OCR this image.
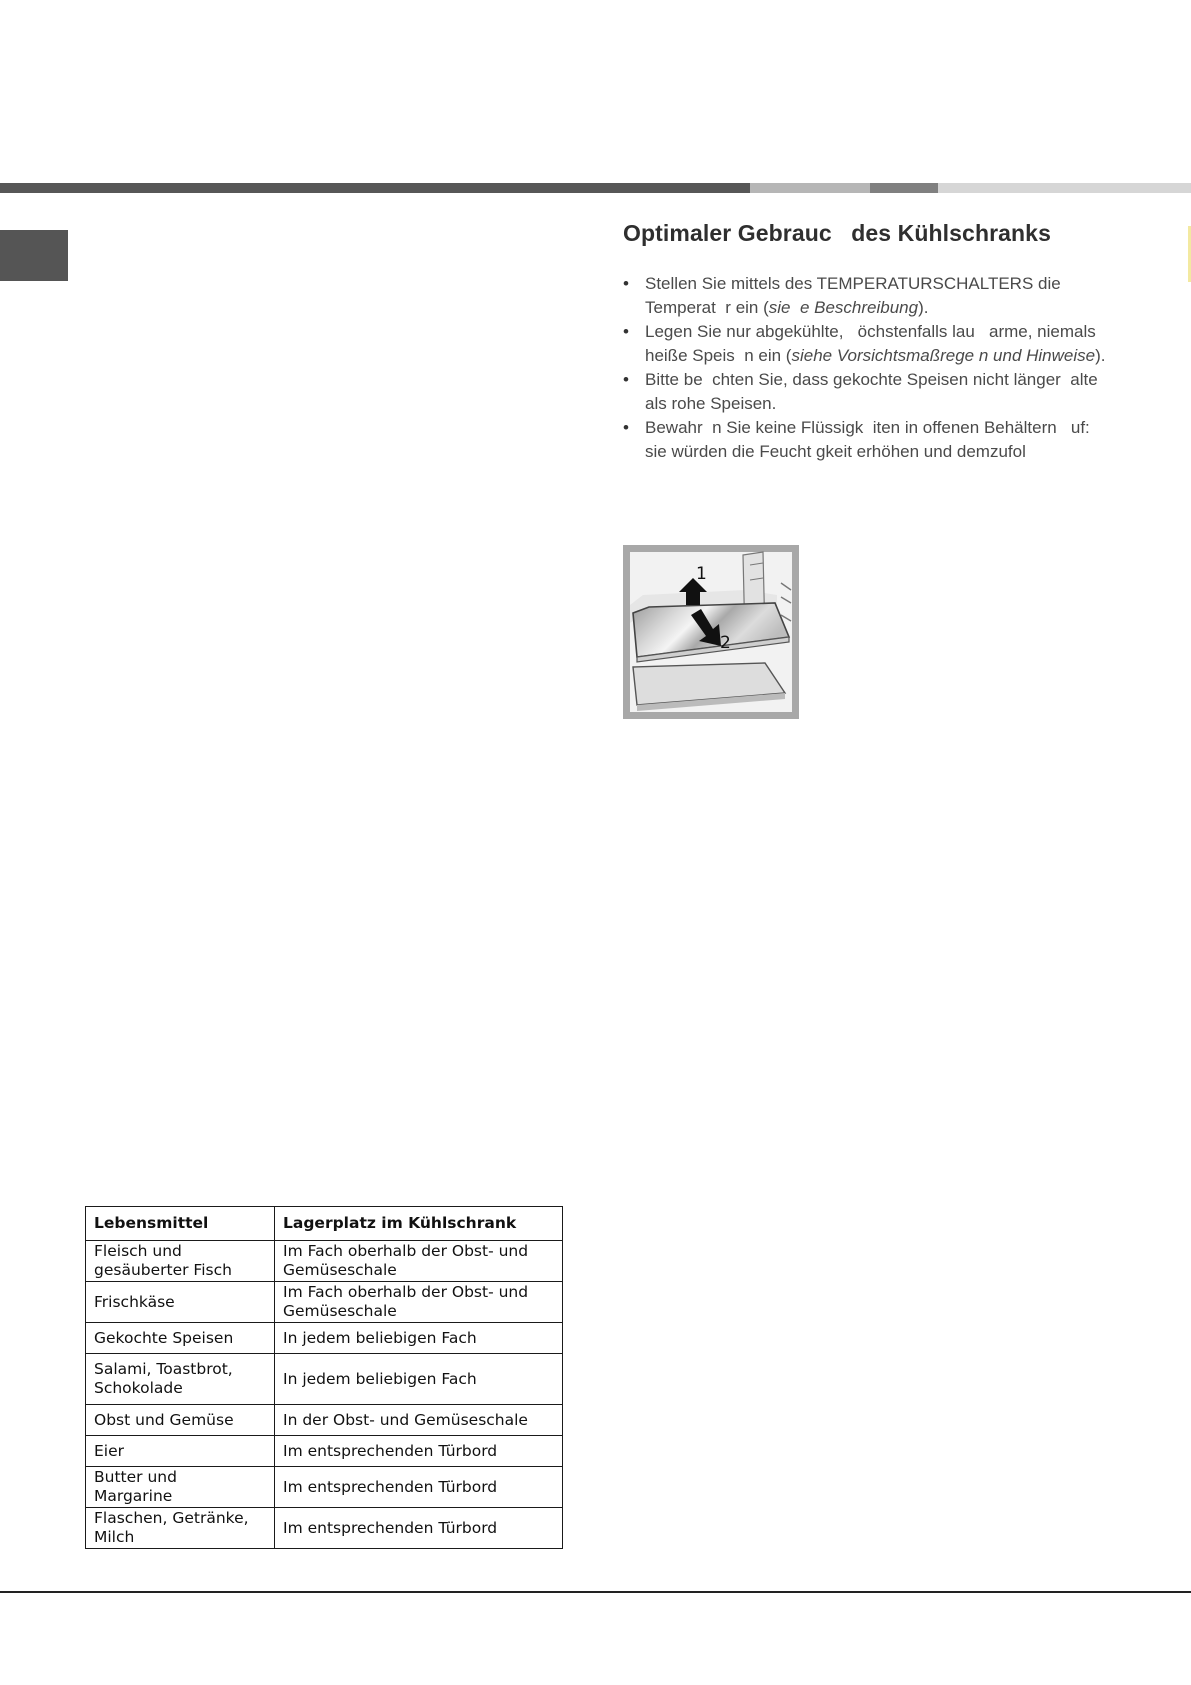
Optimaler Gebrauc   des Kühlschranks
• Stellen Sie mittels des TEMPERATURSCHALTERS die Temperat  r ein (sie  e Beschreibung).
• Legen Sie nur abgekühlte,   öchstenfalls lau   arme, niemals heiße Speis  n ein (siehe Vorsichtsmaßrege n und Hinweise).
• Bitte be  chten Sie, dass gekochte Speisen nicht länger  alte   als rohe Speisen.
• Bewahr  n Sie keine Flüssigk  iten in offenen Behältern   uf: sie würden die Feucht gkeit erhöhen und demzufol
1
2
Lebensmittel	Lagerplatz im Kühlschrank
Fleisch und
gesäuberter Fisch	Im Fach oberhalb der Obst- und
Gemüseschale
Frischkäse	Im Fach oberhalb der Obst- und
Gemüseschale
Gekochte Speisen	In jedem beliebigen Fach
Salami, Toastbrot,
Schokolade	In jedem beliebigen Fach
Obst und Gemüse	In der Obst- und Gemüseschale
Eier	Im entsprechenden Türbord
Butter und
Margarine	Im entsprechenden Türbord
Flaschen, Getränke,
Milch	Im entsprechenden Türbord
